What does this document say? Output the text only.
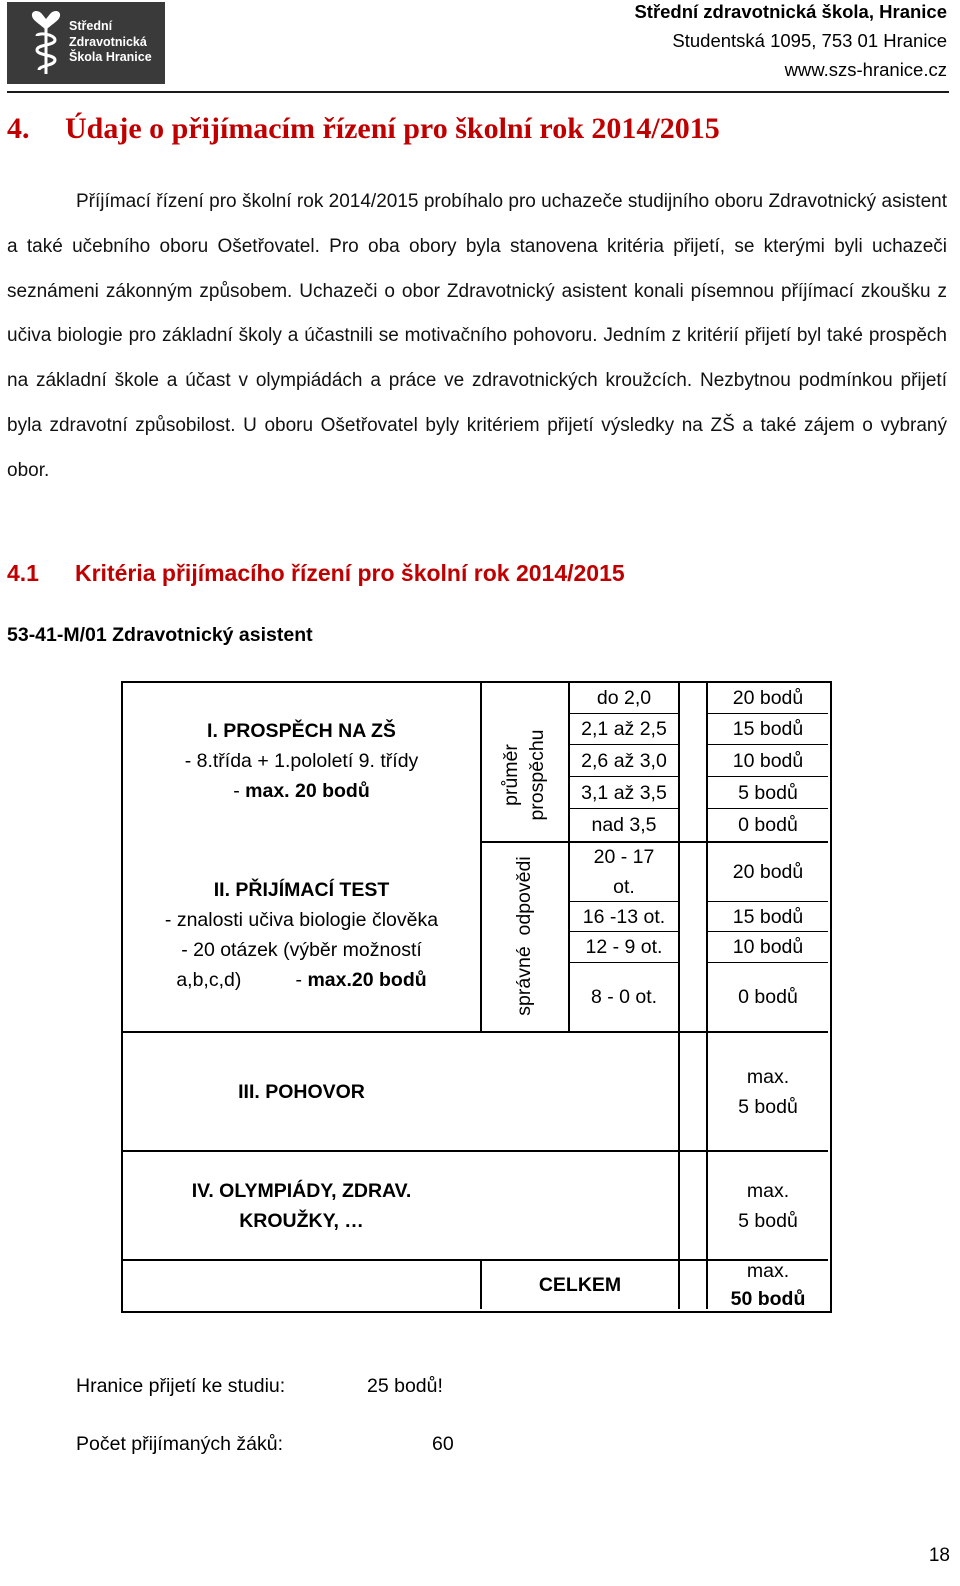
Střední
Zdravotnická
Škola Hranice
Střední zdravotnická škola, Hranice
Studentská 1095, 753 01 Hranice
www.szs-hranice.cz
4. Údaje o přijímacím řízení pro školní rok 2014/2015

Příjímací řízení pro školní rok 2014/2015 probíhalo pro uchazeče studijního oboru Zdravotnický asistent a také učebního oboru Ošetřovatel. Pro oba obory byla stanovena kritéria přijetí, se kterými byli uchazeči seznámeni zákonným způsobem. Uchazeči o obor Zdravotnický asistent konali písemnou příjímací zkoušku z učiva biologie pro základní školy a účastnili se motivačního pohovoru. Jedním z kritérií přijetí byl také prospěch na základní škole a účast v olympiádách a práce ve zdravotnických kroužcích. Nezbytnou podmínkou přijetí byla zdravotní způsobilost. U oboru Ošetřovatel byly kritériem přijetí výsledky na ZŠ a také zájem o vybraný obor.

4.1 Kritéria přijímacího řízení pro školní rok 2014/2015
53-41-M/01 Zdravotnický asistent
I. PROSPĚCH NA ZŠ
- 8.třída + 1.pololetí 9. třídy
- max. 20 bodů
II. PŘIJÍMACÍ TEST
- znalosti učiva biologie člověka
- 20 otázek (výběr možností
a,b,c,d)          - max.20 bodů
průměr prospěchu
správné  odpovědi
do 2,0
2,1 až 2,5
2,6 až 3,0
3,1 až 3,5
nad 3,5
20 bodů
15 bodů
10 bodů
5 bodů
0 bodů
20 - 17
ot.
16 -13 ot.
12 - 9 ot.
8 - 0 ot.
20 bodů
15 bodů
10 bodů
0 bodů
III. POHOVOR
max.
5 bodů
IV. OLYMPIÁDY, ZDRAV.
KROUŽKY, …
max.
5 bodů
CELKEM
max.
50 bodů
Hranice přijetí ke studiu:	25 bodů!
Počet přijímaných žáků:	60
18
